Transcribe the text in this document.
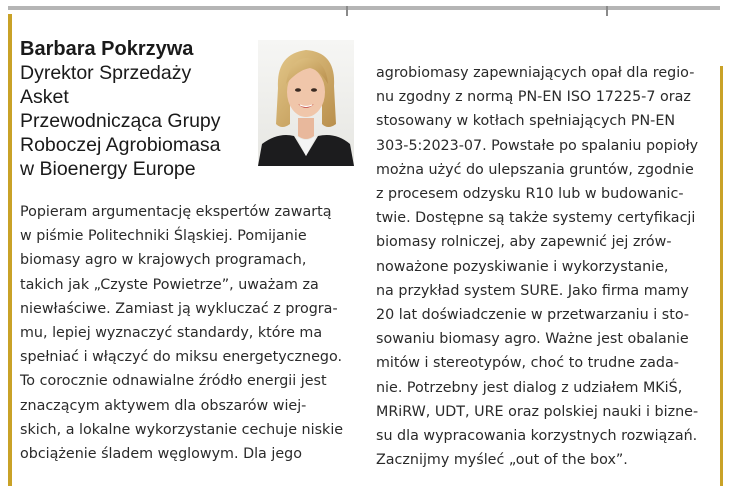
Barbara Pokrzywa
Dyrektor Sprzedaży
Asket
Przewodnicząca Grupy
Roboczej Agrobiomasa
w Bioenergy Europe
Popieram argumentację ekspertów zawartą
w piśmie Politechniki Śląskiej. Pomijanie
biomasy agro w krajowych programach,
takich jak „Czyste Powietrze”, uważam za
niewłaściwe. Zamiast ją wykluczać z progra-
mu, lepiej wyznaczyć standardy, które ma
spełniać i włączyć do miksu energetycznego.
To corocznie odnawialne źródło energii jest
znaczącym aktywem dla obszarów wiej-
skich, a lokalne wykorzystanie cechuje niskie
obciążenie śladem węglowym. Dla jego
agrobiomasy zapewniających opał dla regio-
nu zgodny z normą PN-EN ISO 17225-7 oraz
stosowany w kotłach spełniających PN-EN
303-5:2023-07. Powstałe po spalaniu popioły
można użyć do ulepszania gruntów, zgodnie
z procesem odzysku R10 lub w budowanic-
twie. Dostępne są także systemy certyfikacji
biomasy rolniczej, aby zapewnić jej zrów-
noważone pozyskiwanie i wykorzystanie,
na przykład system SURE. Jako firma mamy
20 lat doświadczenie w przetwarzaniu i sto-
sowaniu biomasy agro. Ważne jest obalanie
mitów i stereotypów, choć to trudne zada-
nie. Potrzebny jest dialog z udziałem MKiŚ,
MRiRW, UDT, URE oraz polskiej nauki i bizne-
su dla wypracowania korzystnych rozwiązań.
Zacznijmy myśleć „out of the box”.
